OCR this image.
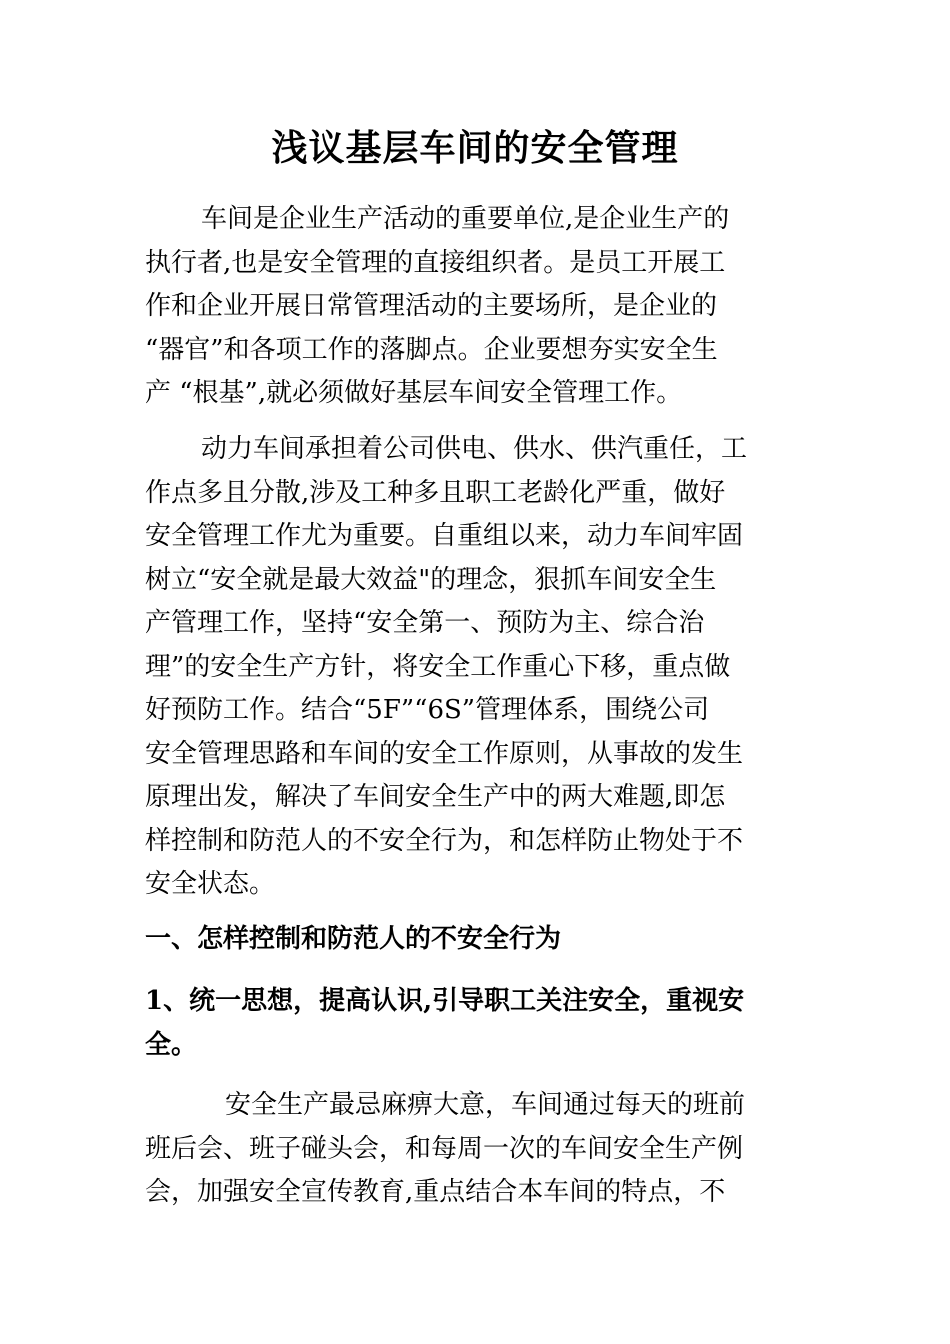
浅议基层车间的安全管理
车间是企业生产活动的重要单位,是企业生产的
执行者,也是安全管理的直接组织者。是员工开展工
作和企业开展日常管理活动的主要场所，是企业的
“器官”和各项工作的落脚点。企业要想夯实安全生
产 “根基”,就必须做好基层车间安全管理工作。
动力车间承担着公司供电、供水、供汽重任，工
作点多且分散,涉及工种多且职工老龄化严重，做好
安全管理工作尤为重要。自重组以来，动力车间牢固
树立“安全就是最大效益"的理念，狠抓车间安全生
产管理工作，坚持“安全第一、预防为主、综合治
理”的安全生产方针，将安全工作重心下移，重点做
好预防工作。结合“5F”“6S”管理体系，围绕公司
安全管理思路和车间的安全工作原则，从事故的发生
原理出发，解决了车间安全生产中的两大难题,即怎
样控制和防范人的不安全行为，和怎样防止物处于不
安全状态。
一、怎样控制和防范人的不安全行为
1、统一思想，提高认识,引导职工关注安全，重视安
全。
安全生产最忌麻痹大意，车间通过每天的班前
班后会、班子碰头会，和每周一次的车间安全生产例
会，加强安全宣传教育,重点结合本车间的特点，不
